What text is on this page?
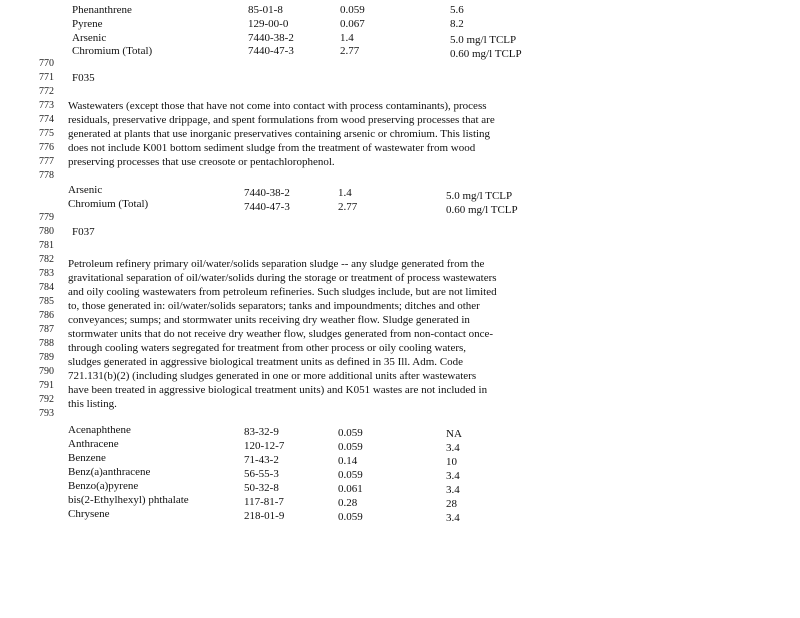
Phenanthrene	85-01-8	0.059	5.6
Pyrene	129-00-0	0.067	8.2
Arsenic	7440-38-2	1.4	5.0 mg/l TCLP
Chromium (Total)	7440-47-3	2.77	0.60 mg/l TCLP
770
771
772
773
774
775
776
777
778
779
780
781
782
783
784
785
786
787
788
789
790
791
792
793
F035
Wastewaters (except those that have not come into contact with process contaminants), process
residuals, preservative drippage, and spent formulations from wood preserving processes that are
generated at plants that use inorganic preservatives containing arsenic or chromium. This listing
does not include K001 bottom sediment sludge from the treatment of wastewater from wood
preserving processes that use creosote or pentachlorophenol.
Arsenic	7440-38-2	1.4	5.0 mg/l TCLP
Chromium (Total)	7440-47-3	2.77	0.60 mg/l TCLP
F037
Petroleum refinery primary oil/water/solids separation sludge -- any sludge generated from the
gravitational separation of oil/water/solids during the storage or treatment of process wastewaters
and oily cooling wastewaters from petroleum refineries. Such sludges include, but are not limited
to, those generated in: oil/water/solids separators; tanks and impoundments; ditches and other
conveyances; sumps; and stormwater units receiving dry weather flow. Sludge generated in
stormwater units that do not receive dry weather flow, sludges generated from non-contact once-
through cooling waters segregated for treatment from other process or oily cooling waters,
sludges generated in aggressive biological treatment units as defined in 35 Ill. Adm. Code
721.131(b)(2) (including sludges generated in one or more additional units after wastewaters
have been treated in aggressive biological treatment units) and K051 wastes are not included in
this listing.
Acenaphthene	83-32-9	0.059	NA
Anthracene	120-12-7	0.059	3.4
Benzene	71-43-2	0.14	10
Benz(a)anthracene	56-55-3	0.059	3.4
Benzo(a)pyrene	50-32-8	0.061	3.4
bis(2-Ethylhexyl) phthalate	117-81-7	0.28	28
Chrysene	218-01-9	0.059	3.4
